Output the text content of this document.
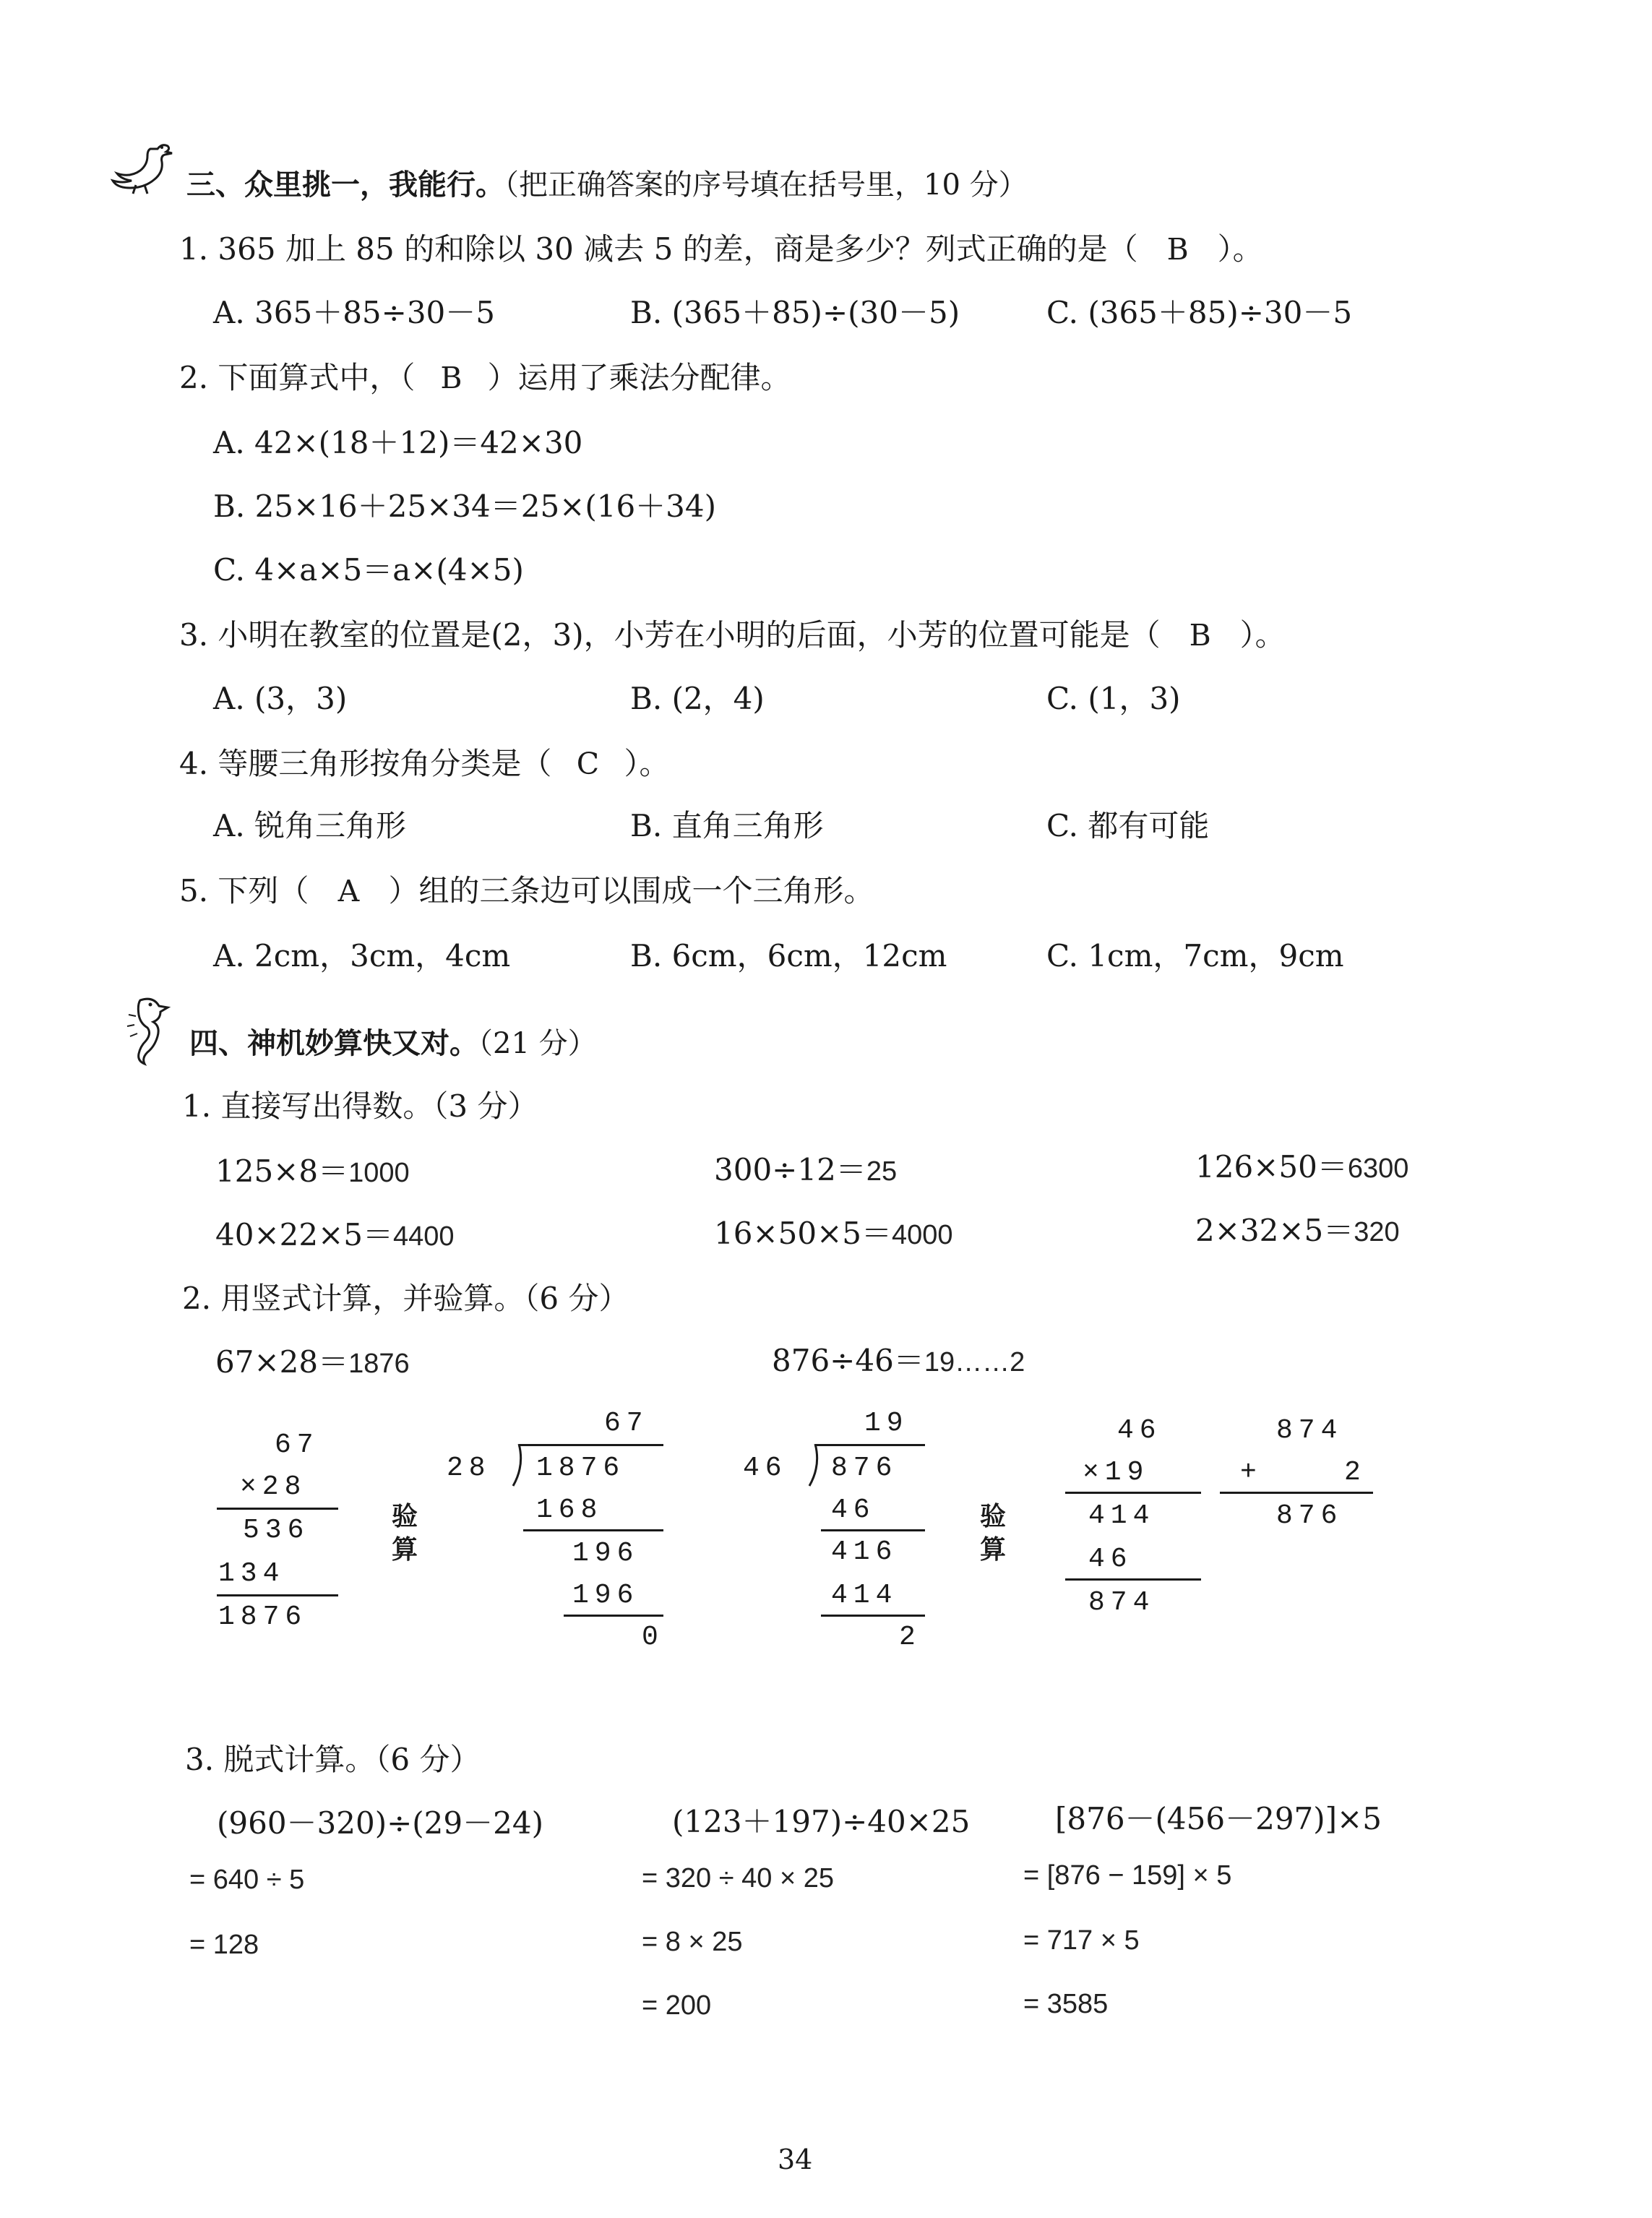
三、众里挑一，我能行。（把正确答案的序号填在括号里，10 分）
1. 365 加上 85 的和除以 30 减去 5 的差，商是多少？列式正确的是（ B ）。
A. 365＋85÷30－5	B. (365＋85)÷(30－5)	C. (365＋85)÷30－5
2. 下面算式中，（ B ）运用了乘法分配律。
A. 42×(18＋12)＝42×30
B. 25×16＋25×34＝25×(16＋34)
C. 4×a×5＝a×(4×5)
3. 小明在教室的位置是(2，3)，小芳在小明的后面，小芳的位置可能是（ B ）。
A. (3，3)	B. (2，4)	C. (1，3)
4. 等腰三角形按角分类是（ C ）。
A. 锐角三角形	B. 直角三角形	C. 都有可能
5. 下列（ A ）组的三条边可以围成一个三角形。
A. 2cm，3cm，4cm	B. 6cm，6cm，12cm	C. 1cm，7cm，9cm
四、神机妙算快又对。（21 分）
1. 直接写出得数。（3 分）
125×8＝1000	300÷12＝25	126×50＝6300
40×22×5＝4400	16×50×5＝4000	2×32×5＝320
2. 用竖式计算，并验算。（6 分）
67×28＝1876	876÷46＝19……2
67
×28
536
134
1876
验算
67
28 1876
168
196
196
0
19
46 876
46
416
414
2
验算
46
×19
414
46
874
874
+	2
876
3. 脱式计算。（6 分）
(960－320)÷(29－24)
= 640 ÷ 5
= 128
(123＋197)÷40×25
= 320 ÷ 40 × 25
= 8 × 25
= 200
[876－(456－297)]×5
= [876 − 159] × 5
= 717 × 5
= 3585
34
